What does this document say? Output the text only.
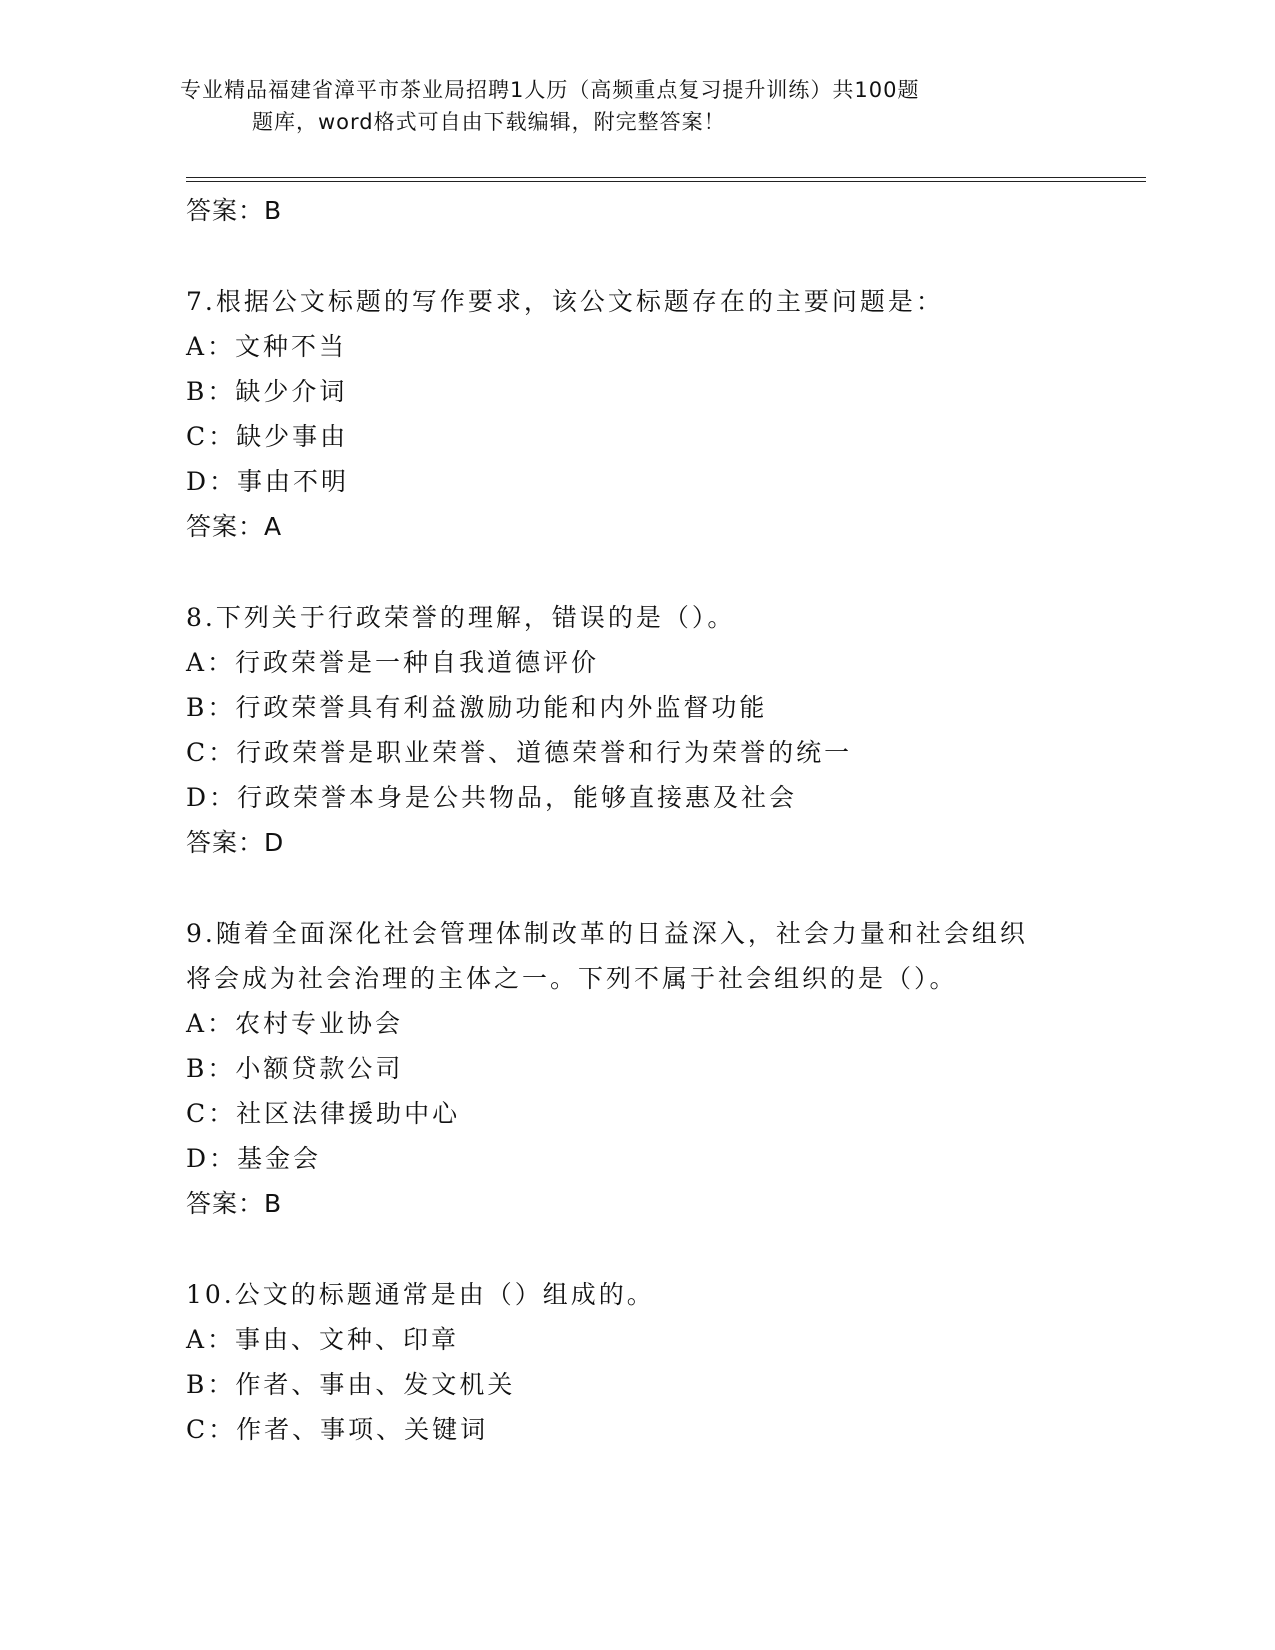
专业精品福建省漳平市茶业局招聘1人历（高频重点复习提升训练）共100题
题库，word格式可自由下载编辑，附完整答案！
答案：B
7.根据公文标题的写作要求，该公文标题存在的主要问题是：
A：文种不当
B：缺少介词
C：缺少事由
D：事由不明
答案：A
8.下列关于行政荣誉的理解，错误的是（）。
A：行政荣誉是一种自我道德评价
B：行政荣誉具有利益激励功能和内外监督功能
C：行政荣誉是职业荣誉、道德荣誉和行为荣誉的统一
D：行政荣誉本身是公共物品，能够直接惠及社会
答案：D
9.随着全面深化社会管理体制改革的日益深入，社会力量和社会组织
将会成为社会治理的主体之一。下列不属于社会组织的是（）。
A：农村专业协会
B：小额贷款公司
C：社区法律援助中心
D：基金会
答案：B
10.公文的标题通常是由（）组成的。
A：事由、文种、印章
B：作者、事由、发文机关
C：作者、事项、关键词
